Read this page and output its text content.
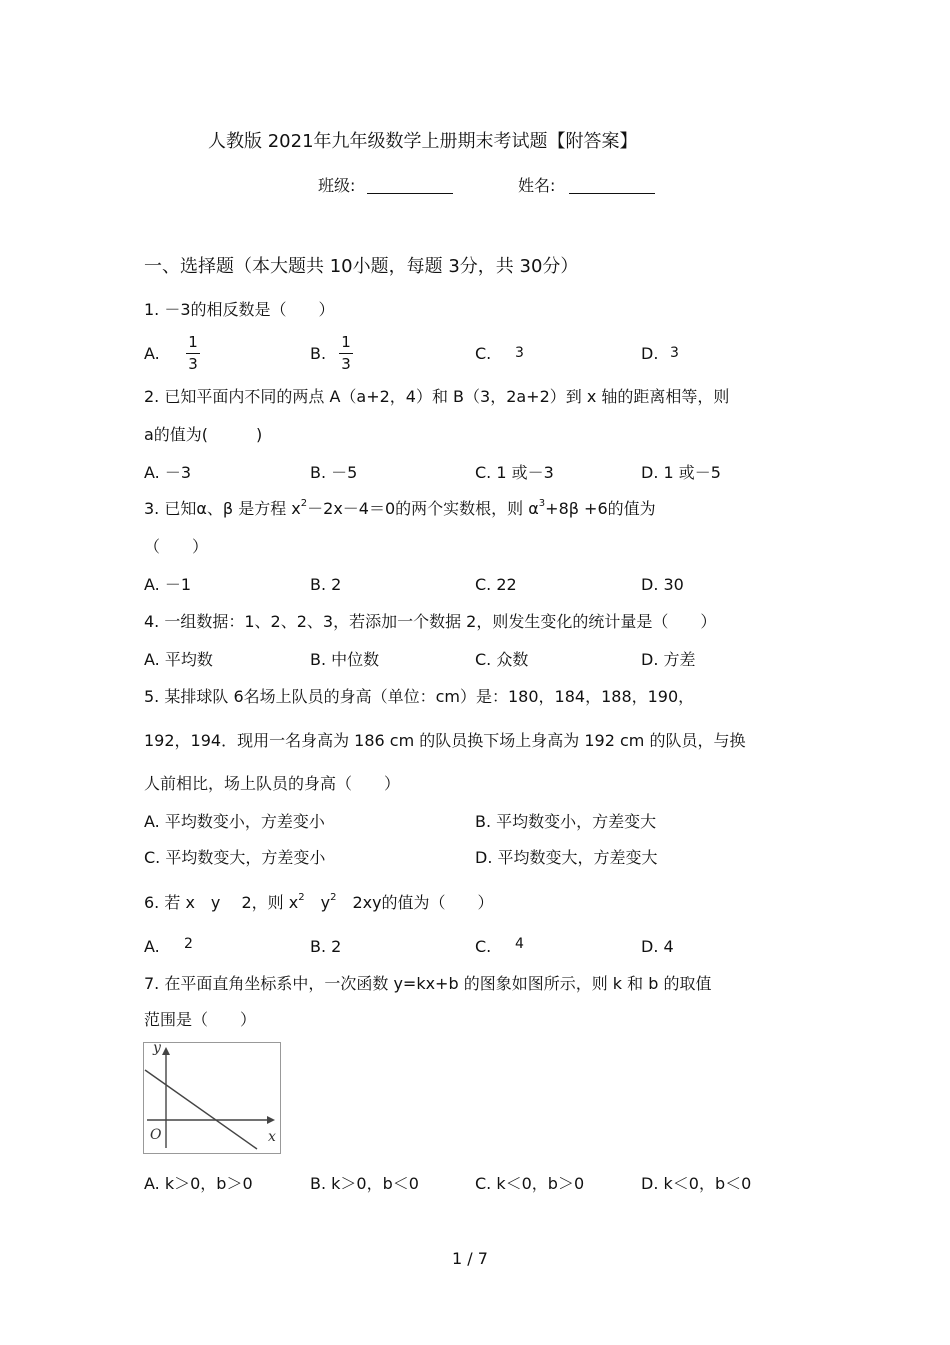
人教版 2021年九年级数学上册期末考试题【附答案】
班级:	姓名:
一、选择题（本大题共 10小题，每题 3分，共 30分）
1. －3的相反数是（　　）
A.
1
3
B.
1
3
C. 3	D. 3
2. 已知平面内不同的两点 A（a+2，4）和 B（3，2a+2）到 x 轴的距离相等，则
a的值为(　　　)
A. －3	B. －5	C. 1 或－3	D. 1 或－5
3. 已知α、β 是方程 $x^2-2x-4=0$的两个实数根，则 $\alpha^3+8\beta +6$的值为
（　　）
A. －1	B. 2	C. 22	D. 30
4. 一组数据：1、2、2、3，若添加一个数据 2，则发生变化的统计量是（　　）
A. 平均数	B. 中位数	C. 众数	D. 方差
5. 某排球队 6名场上队员的身高（单位：cm）是：180，184，188，190，
192，194．现用一名身高为 186 cm 的队员换下场上身高为 192 cm 的队员，与换
人前相比，场上队员的身高（　　）
A. 平均数变小，方差变小	B. 平均数变小，方差变大
C. 平均数变大，方差变小	D. 平均数变大，方差变大
6. 若 x　y　 2，则 $x^2$　$y^2$　2xy的值为（　　）
A. 2	B. 2	C. 4	D. 4
7. 在平面直角坐标系中，一次函数 y=kx+b 的图象如图所示，则 k 和 b 的取值
范围是（　　）
y
x
O
A. k＞0，b＞0	B. k＞0，b＜0	C. k＜0，b＞0	D. k＜0，b＜0
1 / 7
